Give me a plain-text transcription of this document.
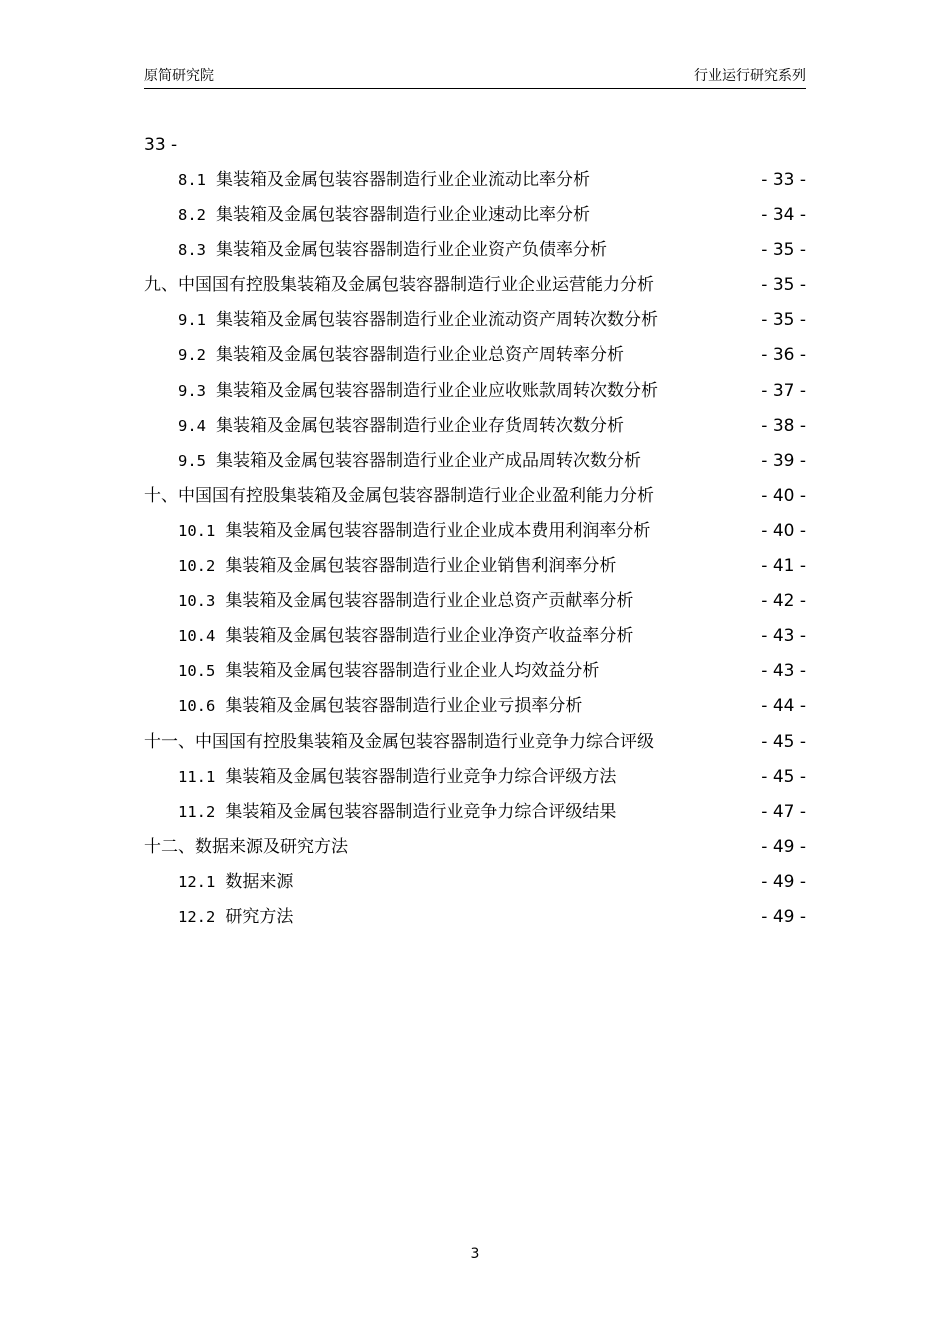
原简研究院	行业运行研究系列
33 -
8.1 集装箱及金属包装容器制造行业企业流动比率分析	- 33 -
8.2 集装箱及金属包装容器制造行业企业速动比率分析	- 34 -
8.3 集装箱及金属包装容器制造行业企业资产负债率分析	- 35 -
九、中国国有控股集装箱及金属包装容器制造行业企业运营能力分析	- 35 -
9.1 集装箱及金属包装容器制造行业企业流动资产周转次数分析	- 35 -
9.2 集装箱及金属包装容器制造行业企业总资产周转率分析	- 36 -
9.3 集装箱及金属包装容器制造行业企业应收账款周转次数分析	- 37 -
9.4 集装箱及金属包装容器制造行业企业存货周转次数分析	- 38 -
9.5 集装箱及金属包装容器制造行业企业产成品周转次数分析	- 39 -
十、中国国有控股集装箱及金属包装容器制造行业企业盈利能力分析	- 40 -
10.1 集装箱及金属包装容器制造行业企业成本费用利润率分析	- 40 -
10.2 集装箱及金属包装容器制造行业企业销售利润率分析	- 41 -
10.3 集装箱及金属包装容器制造行业企业总资产贡献率分析	- 42 -
10.4 集装箱及金属包装容器制造行业企业净资产收益率分析	- 43 -
10.5 集装箱及金属包装容器制造行业企业人均效益分析	- 43 -
10.6 集装箱及金属包装容器制造行业企业亏损率分析	- 44 -
十一、中国国有控股集装箱及金属包装容器制造行业竞争力综合评级	- 45 -
11.1 集装箱及金属包装容器制造行业竞争力综合评级方法	- 45 -
11.2 集装箱及金属包装容器制造行业竞争力综合评级结果	- 47 -
十二、数据来源及研究方法	- 49 -
12.1 数据来源	- 49 -
12.2 研究方法	- 49 -
3
